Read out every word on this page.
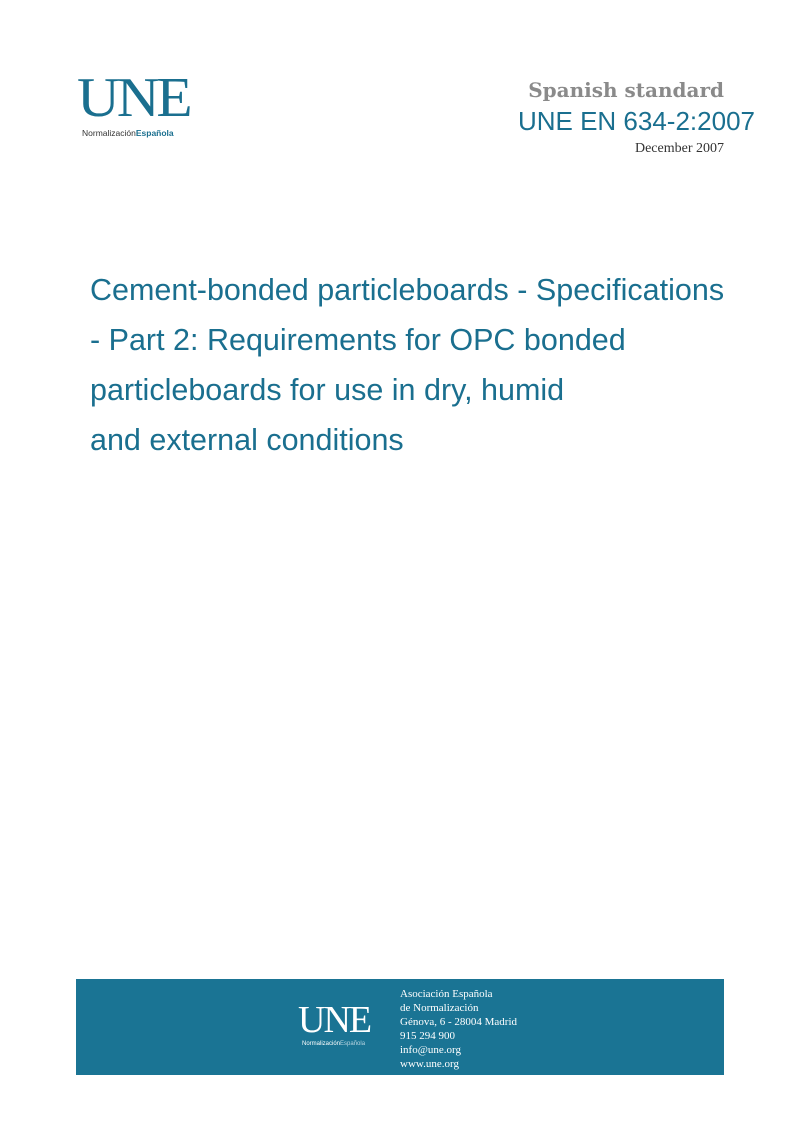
UNE
NormalizaciónEspañola
Spanish standard
UNE EN 634-2:2007
December 2007
Cement-bonded particleboards - Specifications
- Part 2: Requirements for OPC bonded
particleboards for use in dry, humid
and external conditions
UNE
NormalizaciónEspañola
Asociación Española
de Normalización
Génova, 6 - 28004 Madrid
915 294 900
info@une.org
www.une.org
